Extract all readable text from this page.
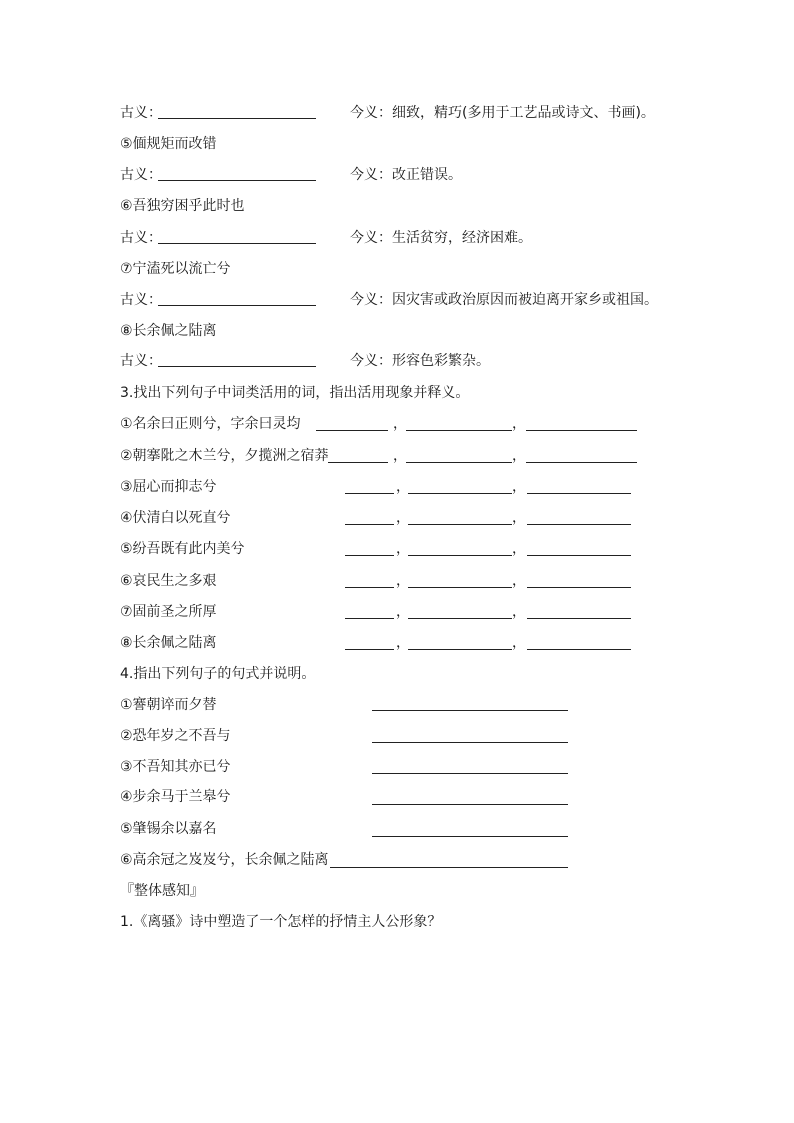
古义：	今义：细致，精巧(多用于工艺品或诗文、书画)。
⑤偭规矩而改错
古义：	今义：改正错误。
⑥吾独穷困乎此时也
古义：	今义：生活贫穷，经济困难。
⑦宁溘死以流亡兮
古义：	今义：因灾害或政治原因而被迫离开家乡或祖国。
⑧长余佩之陆离
古义：	今义：形容色彩繁杂。
3.找出下列句子中词类活用的词，指出活用现象并释义。
①名余曰正则兮，字余曰灵均	，	，
②朝搴阰之木兰兮，夕揽洲之宿莽	，	，
③屈心而抑志兮	，	，
④伏清白以死直兮	，	，
⑤纷吾既有此内美兮	，	，
⑥哀民生之多艰	，	，
⑦固前圣之所厚	，	，
⑧长余佩之陆离	，	，
4.指出下列句子的句式并说明。
①謇朝谇而夕替
②恐年岁之不吾与
③不吾知其亦已兮
④步余马于兰皋兮
⑤肇锡余以嘉名
⑥高余冠之岌岌兮，长余佩之陆离
『整体感知』
1.《离骚》诗中塑造了一个怎样的抒情主人公形象？
